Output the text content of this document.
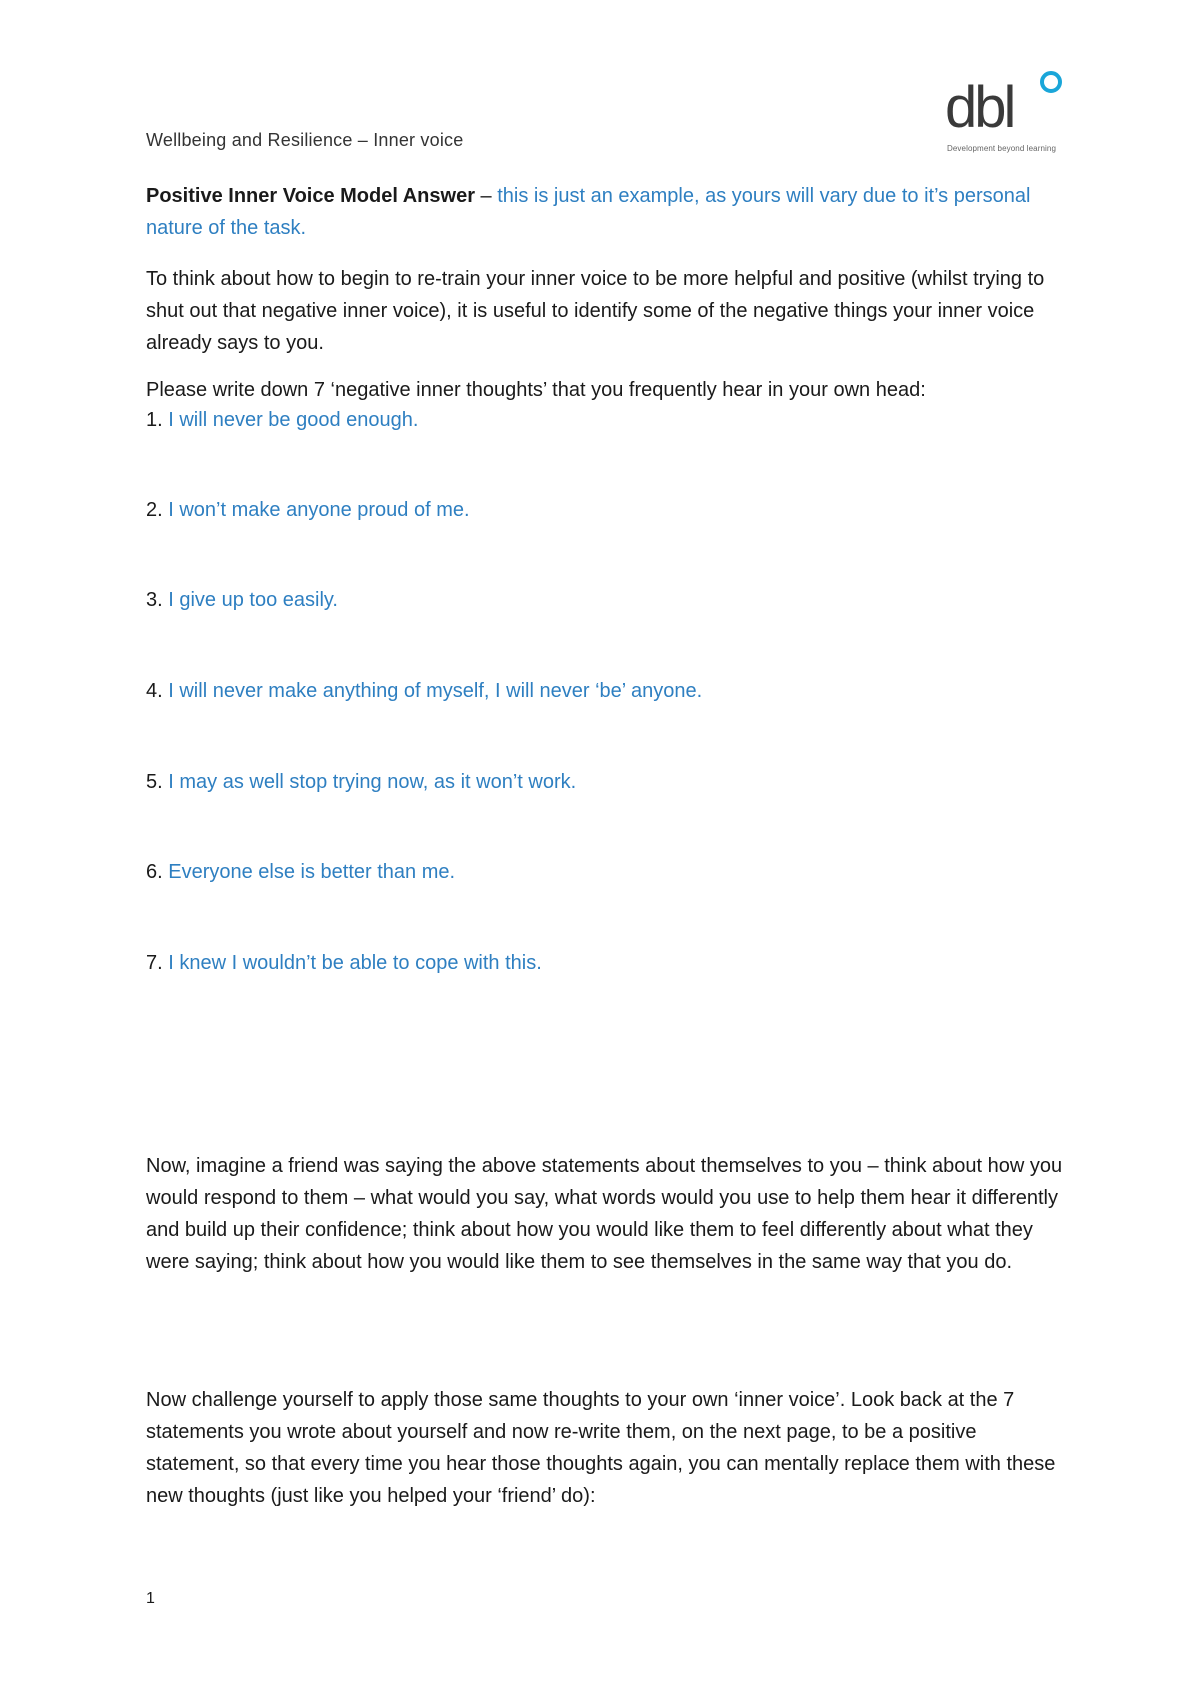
Wellbeing and Resilience – Inner voice	dbl
Development beyond learning
Positive Inner Voice Model Answer – this is just an example, as yours will vary due to it’s personal nature of the task.
To think about how to begin to re-train your inner voice to be more helpful and positive (whilst trying to shut out that negative inner voice), it is useful to identify some of the negative things your inner voice already says to you.
Please write down 7 ‘negative inner thoughts’ that you frequently hear in your own head:
1. I will never be good enough.
2. I won’t make anyone proud of me.
3. I give up too easily.
4. I will never make anything of myself, I will never ‘be’ anyone.
5. I may as well stop trying now, as it won’t work.
6. Everyone else is better than me.
7. I knew I wouldn’t be able to cope with this.
Now, imagine a friend was saying the above statements about themselves to you – think about how you would respond to them – what would you say, what words would you use to help them hear it differently and build up their confidence; think about how you would like them to feel differently about what they were saying; think about how you would like them to see themselves in the same way that you do.
Now challenge yourself to apply those same thoughts to your own ‘inner voice’. Look back at the 7 statements you wrote about yourself and now re-write them, on the next page, to be a positive statement, so that every time you hear those thoughts again, you can mentally replace them with these new thoughts (just like you helped your ‘friend’ do):
1
